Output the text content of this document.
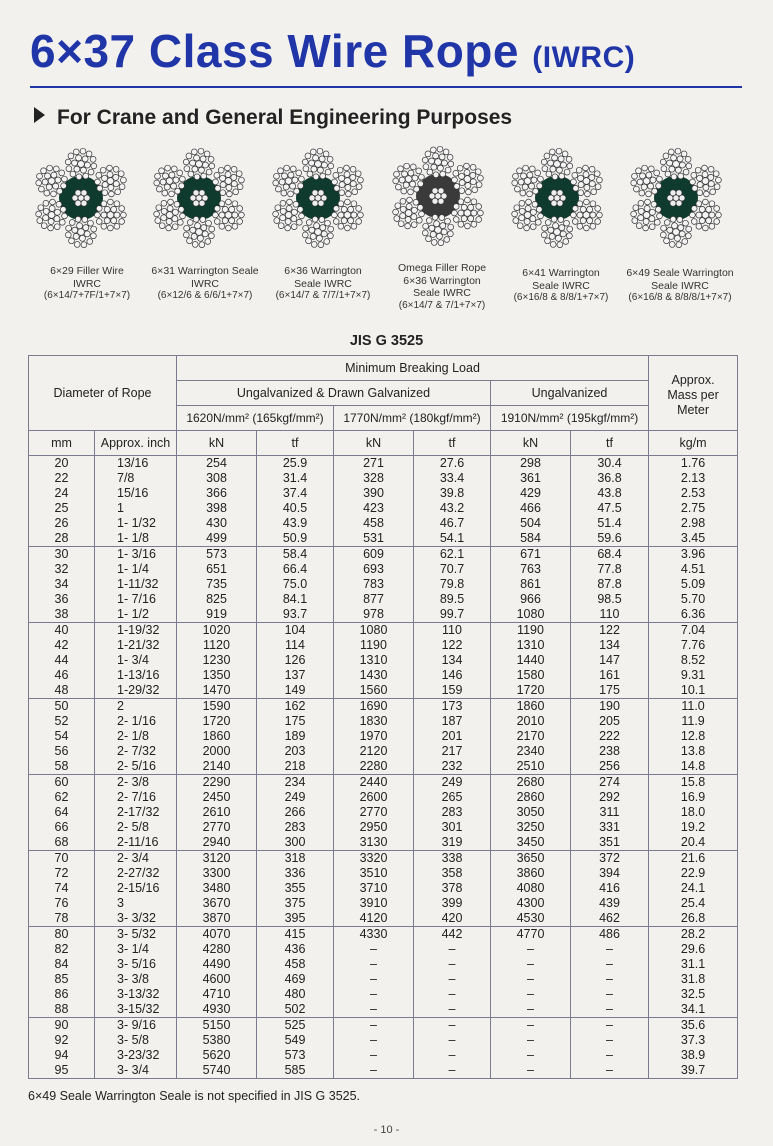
6×37 Class Wire Rope (IWRC)
For Crane and General Engineering Purposes
6×29 Filler Wire
IWRC
(6×14/7+7F/1+7×7)
6×31 Warrington Seale
IWRC
(6×12/6 & 6/6/1+7×7)
6×36 Warrington
Seale IWRC
(6×14/7 & 7/7/1+7×7)
Omega Filler Rope
6×36 Warrington
Seale IWRC
(6×14/7 & 7/1+7×7)
6×41 Warrington
Seale IWRC
(6×16/8 & 8/8/1+7×7)
6×49 Seale Warrington
Seale IWRC
(6×16/8 & 8/8/8/1+7×7)
JIS G 3525
Diameter of Rope		Minimum Breaking Load						Approx. Mass per Meter
		Ungalvanized & Drawn Galvanized				Ungalvanized		
		1620N/mm² (165kgf/mm²)		1770N/mm² (180kgf/mm²)		1910N/mm² (195kgf/mm²)		
mm	Approx. inch	kN	tf	kN	tf	kN	tf	kg/m
20	13/16	254	25.9	271	27.6	298	30.4	1.76
22	7/8	308	31.4	328	33.4	361	36.8	2.13
24	15/16	366	37.4	390	39.8	429	43.8	2.53
25	1	398	40.5	423	43.2	466	47.5	2.75
26	1- 1/32	430	43.9	458	46.7	504	51.4	2.98
28	1- 1/8	499	50.9	531	54.1	584	59.6	3.45
30	1- 3/16	573	58.4	609	62.1	671	68.4	3.96
32	1- 1/4	651	66.4	693	70.7	763	77.8	4.51
34	1-11/32	735	75.0	783	79.8	861	87.8	5.09
36	1- 7/16	825	84.1	877	89.5	966	98.5	5.70
38	1- 1/2	919	93.7	978	99.7	1080	110	6.36
40	1-19/32	1020	104	1080	110	1190	122	7.04
42	1-21/32	1120	114	1190	122	1310	134	7.76
44	1- 3/4	1230	126	1310	134	1440	147	8.52
46	1-13/16	1350	137	1430	146	1580	161	9.31
48	1-29/32	1470	149	1560	159	1720	175	10.1
50	2	1590	162	1690	173	1860	190	11.0
52	2- 1/16	1720	175	1830	187	2010	205	11.9
54	2- 1/8	1860	189	1970	201	2170	222	12.8
56	2- 7/32	2000	203	2120	217	2340	238	13.8
58	2- 5/16	2140	218	2280	232	2510	256	14.8
60	2- 3/8	2290	234	2440	249	2680	274	15.8
62	2- 7/16	2450	249	2600	265	2860	292	16.9
64	2-17/32	2610	266	2770	283	3050	311	18.0
66	2- 5/8	2770	283	2950	301	3250	331	19.2
68	2-11/16	2940	300	3130	319	3450	351	20.4
70	2- 3/4	3120	318	3320	338	3650	372	21.6
72	2-27/32	3300	336	3510	358	3860	394	22.9
74	2-15/16	3480	355	3710	378	4080	416	24.1
76	3	3670	375	3910	399	4300	439	25.4
78	3- 3/32	3870	395	4120	420	4530	462	26.8
80	3- 5/32	4070	415	4330	442	4770	486	28.2
82	3- 1/4	4280	436	–	–	–	–	29.6
84	3- 5/16	4490	458	–	–	–	–	31.1
85	3- 3/8	4600	469	–	–	–	–	31.8
86	3-13/32	4710	480	–	–	–	–	32.5
88	3-15/32	4930	502	–	–	–	–	34.1
90	3- 9/16	5150	525	–	–	–	–	35.6
92	3- 5/8	5380	549	–	–	–	–	37.3
94	3-23/32	5620	573	–	–	–	–	38.9
95	3- 3/4	5740	585	–	–	–	–	39.7
6×49 Seale Warrington Seale is not specified in JIS G 3525.
- 10 -
